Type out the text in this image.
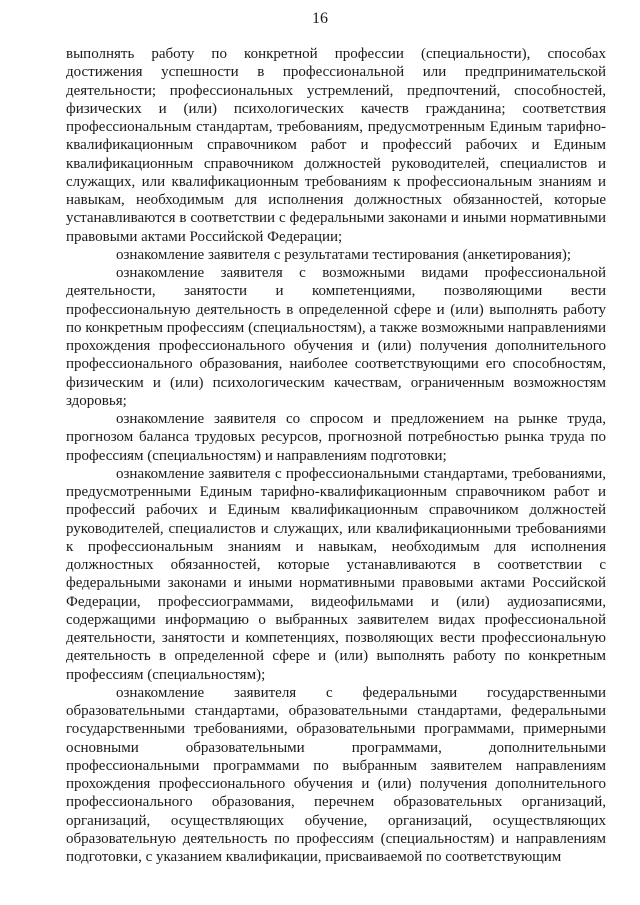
16

выполнять работу по конкретной профессии (специальности), способах достижения успешности в профессиональной или предпринимательской деятельности; профессиональных устремлений, предпочтений, способностей, физических и (или) психологических качеств гражданина; соответствия профессиональным стандартам, требованиям, предусмотренным Единым тарифно-квалификационным справочником работ и профессий рабочих и Единым квалификационным справочником должностей руководителей, специалистов и служащих, или квалификационным требованиям к профессиональным знаниям и навыкам, необходимым для исполнения должностных обязанностей, которые устанавливаются в соответствии с федеральными законами и иными нормативными правовыми актами Российской Федерации;

ознакомление заявителя с результатами тестирования (анкетирования);

ознакомление заявителя с возможными видами профессиональной деятельности, занятости и компетенциями, позволяющими вести профессиональную деятельность в определенной сфере и (или) выполнять работу по конкретным профессиям (специальностям), а также возможными направлениями прохождения профессионального обучения и (или) получения дополнительного профессионального образования, наиболее соответствующими его способностям, физическим и (или) психологическим качествам, ограниченным возможностям здоровья;

ознакомление заявителя со спросом и предложением на рынке труда, прогнозом баланса трудовых ресурсов, прогнозной потребностью рынка труда по профессиям (специальностям) и направлениям подготовки;

ознакомление заявителя с профессиональными стандартами, требованиями, предусмотренными Единым тарифно-квалификационным справочником работ и профессий рабочих и Единым квалификационным справочником должностей руководителей, специалистов и служащих, или квалификационными требованиями к профессиональным знаниям и навыкам, необходимым для исполнения должностных обязанностей, которые устанавливаются в соответствии с федеральными законами и иными нормативными правовыми актами Российской Федерации, профессиограммами, видеофильмами и (или) аудиозаписями, содержащими информацию о выбранных заявителем видах профессиональной деятельности, занятости и компетенциях, позволяющих вести профессиональную деятельность в определенной сфере и (или) выполнять работу по конкретным профессиям (специальностям);

ознакомление заявителя с федеральными государственными образовательными стандартами, образовательными стандартами, федеральными государственными требованиями, образовательными программами, примерными основными образовательными программами, дополнительными профессиональными программами по выбранным заявителем направлениям прохождения профессионального обучения и (или) получения дополнительного профессионального образования, перечнем образовательных организаций, организаций, осуществляющих обучение, организаций, осуществляющих образовательную деятельность по профессиям (специальностям) и направлениям подготовки, с указанием квалификации, присваиваемой по соответствующим
